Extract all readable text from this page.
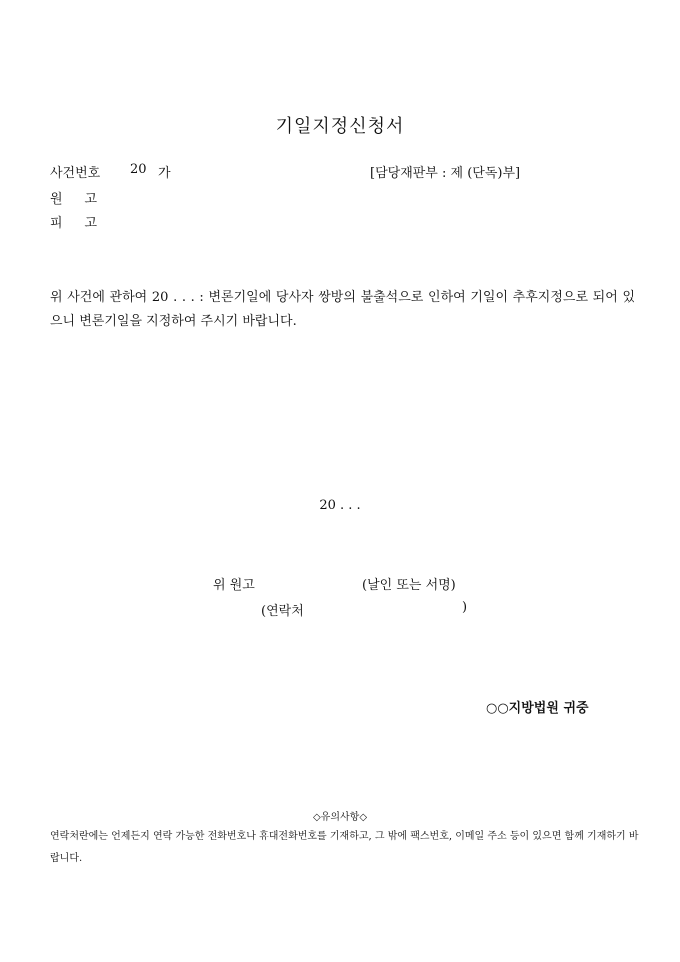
기일지정신청서
사건번호 20 가	[담당재판부 : 제 (단독)부]
원고
피고
위 사건에 관하여 20 . . . : 변론기일에 당사자 쌍방의 불출석으로 인하여 기일이 추후지정으로 되어 있으니 변론기일을 지정하여 주시기 바랍니다.
20 . . .
위 원고	(날인 또는 서명)
(연락처	)
○○지방법원 귀중
◇유의사항◇
연락처란에는 언제든지 연락 가능한 전화번호나 휴대전화번호를 기재하고, 그 밖에 팩스번호, 이메일 주소 등이 있으면 함께 기재하기 바랍니다.
